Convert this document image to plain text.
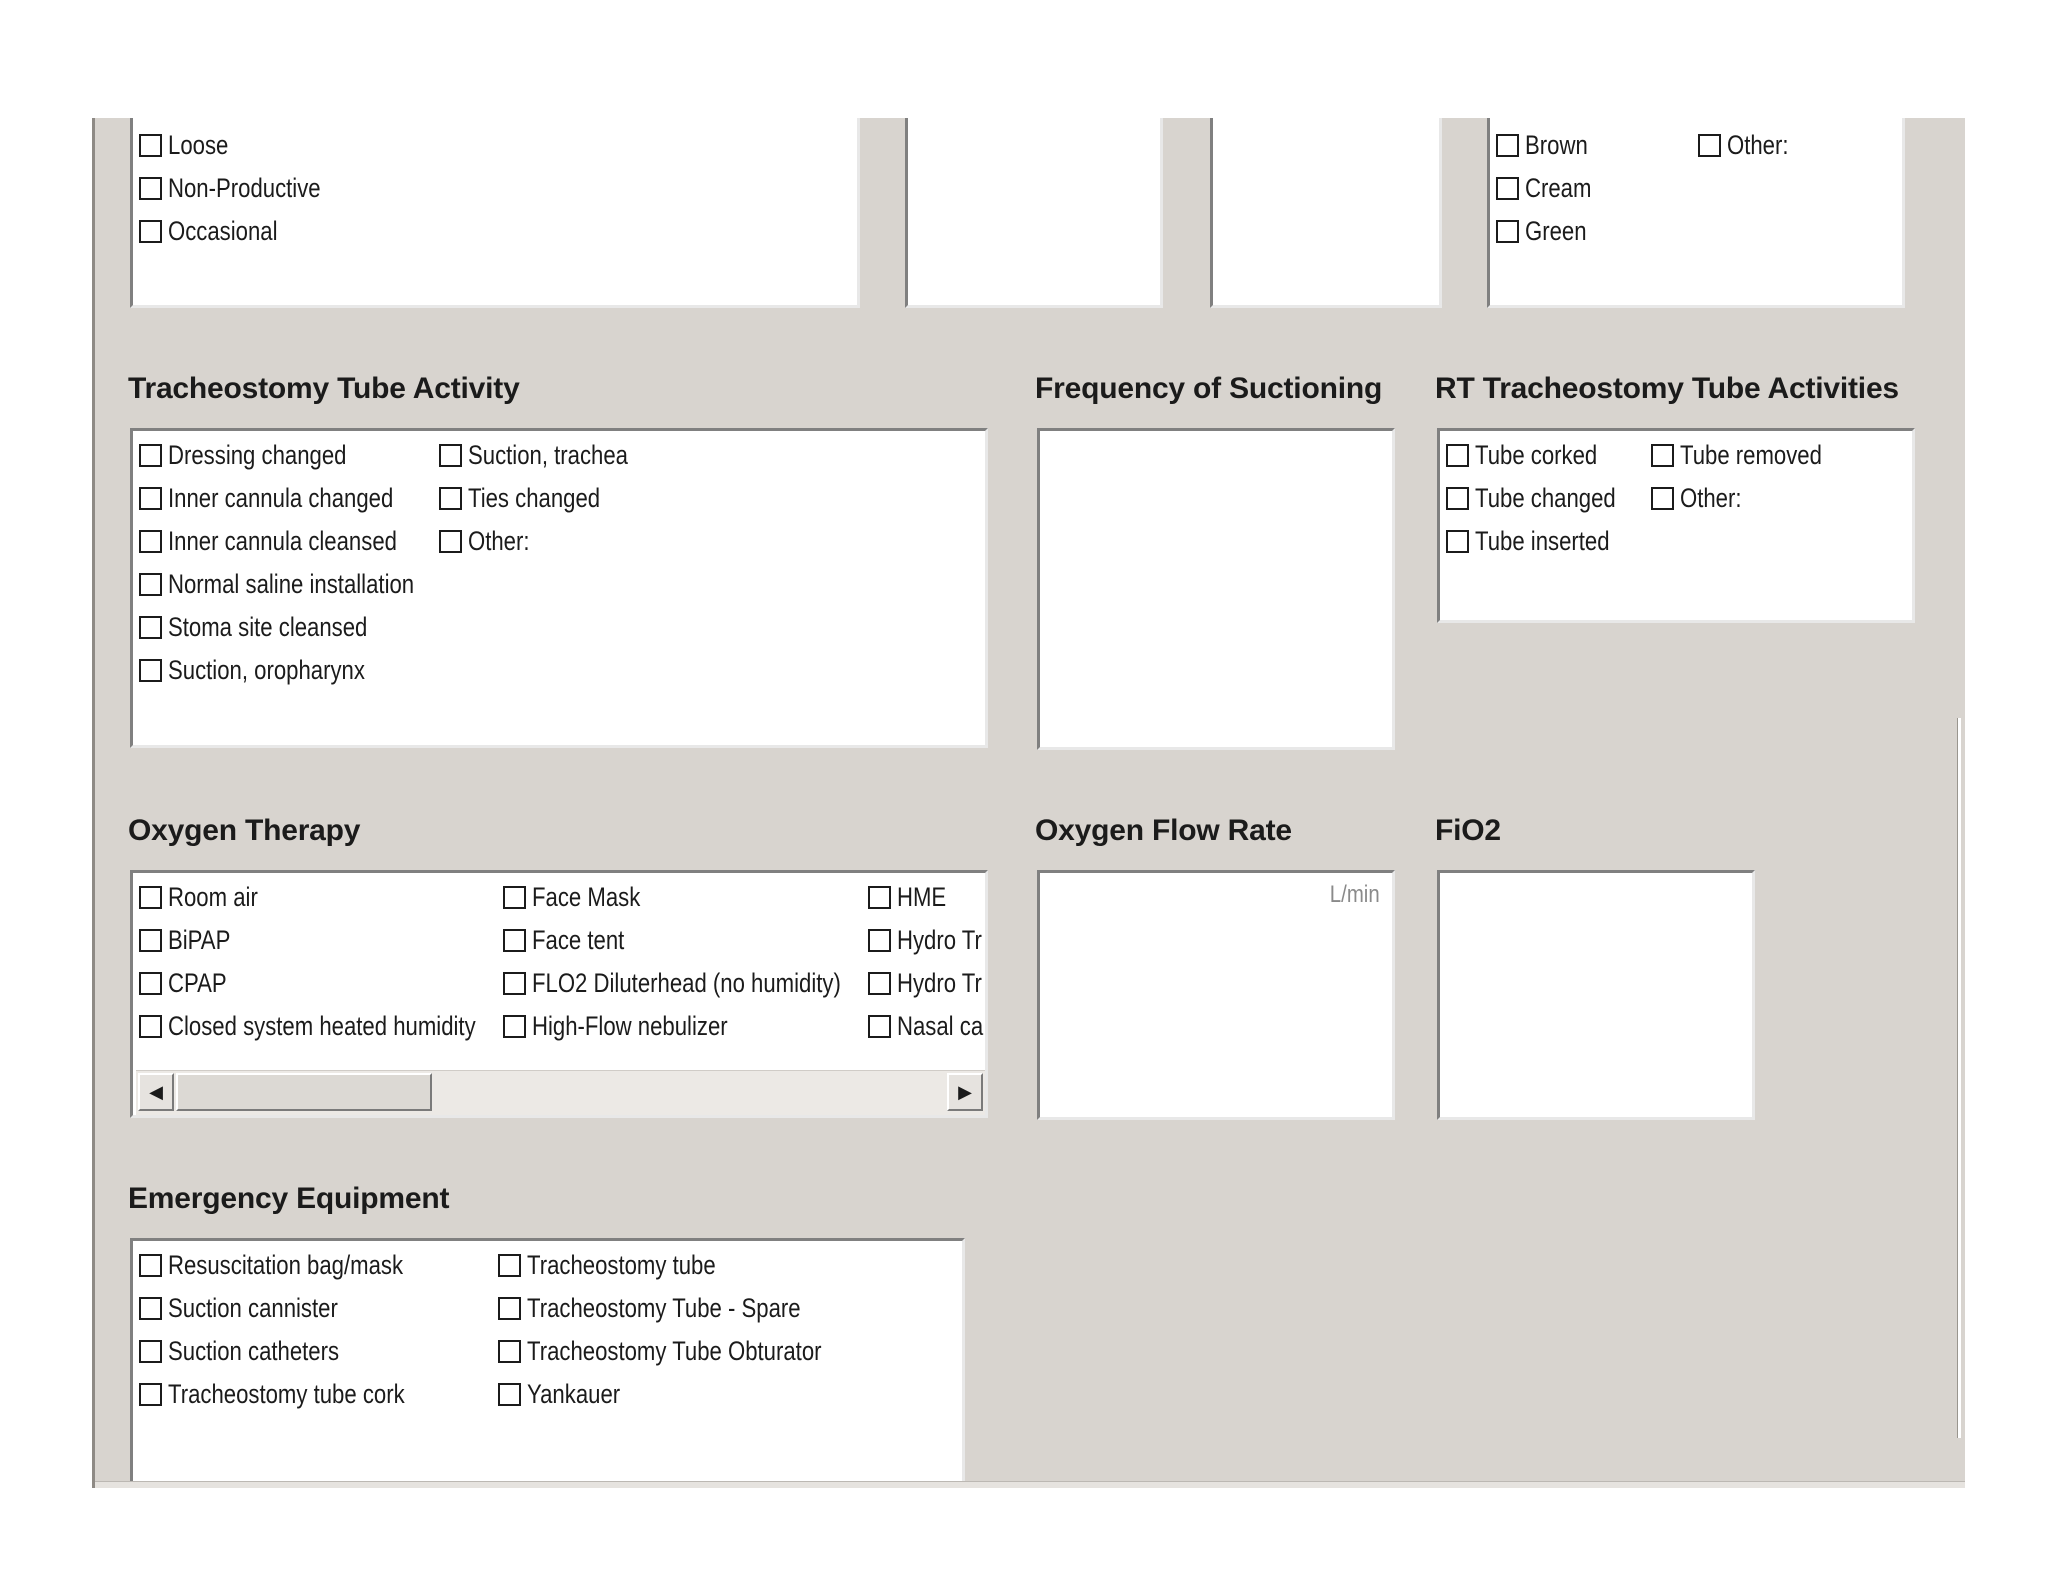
Loose
Non-Productive
Occasional
Brown
Cream
Green
Other:
Tracheostomy Tube Activity
Dressing changed
Inner cannula changed
Inner cannula cleansed
Normal saline installation
Stoma site cleansed
Suction, oropharynx
Suction, trachea
Ties changed
Other:
Frequency of Suctioning RT Tracheostomy Tube Activities
Tube corked
Tube changed
Tube inserted
Tube removed
Other:
Oxygen Therapy
Room air
BiPAP
CPAP
Closed system heated humidity
Face Mask
Face tent
FLO2 Diluterhead (no humidity)
High-Flow nebulizer
HME
Hydro Tr
Hydro Tr
Nasal ca
◀	▶
Oxygen Flow Rate
L/min
FiO2
Emergency Equipment
Resuscitation bag/mask
Suction cannister
Suction catheters
Tracheostomy tube cork
Tracheostomy tube
Tracheostomy Tube - Spare
Tracheostomy Tube Obturator
Yankauer
